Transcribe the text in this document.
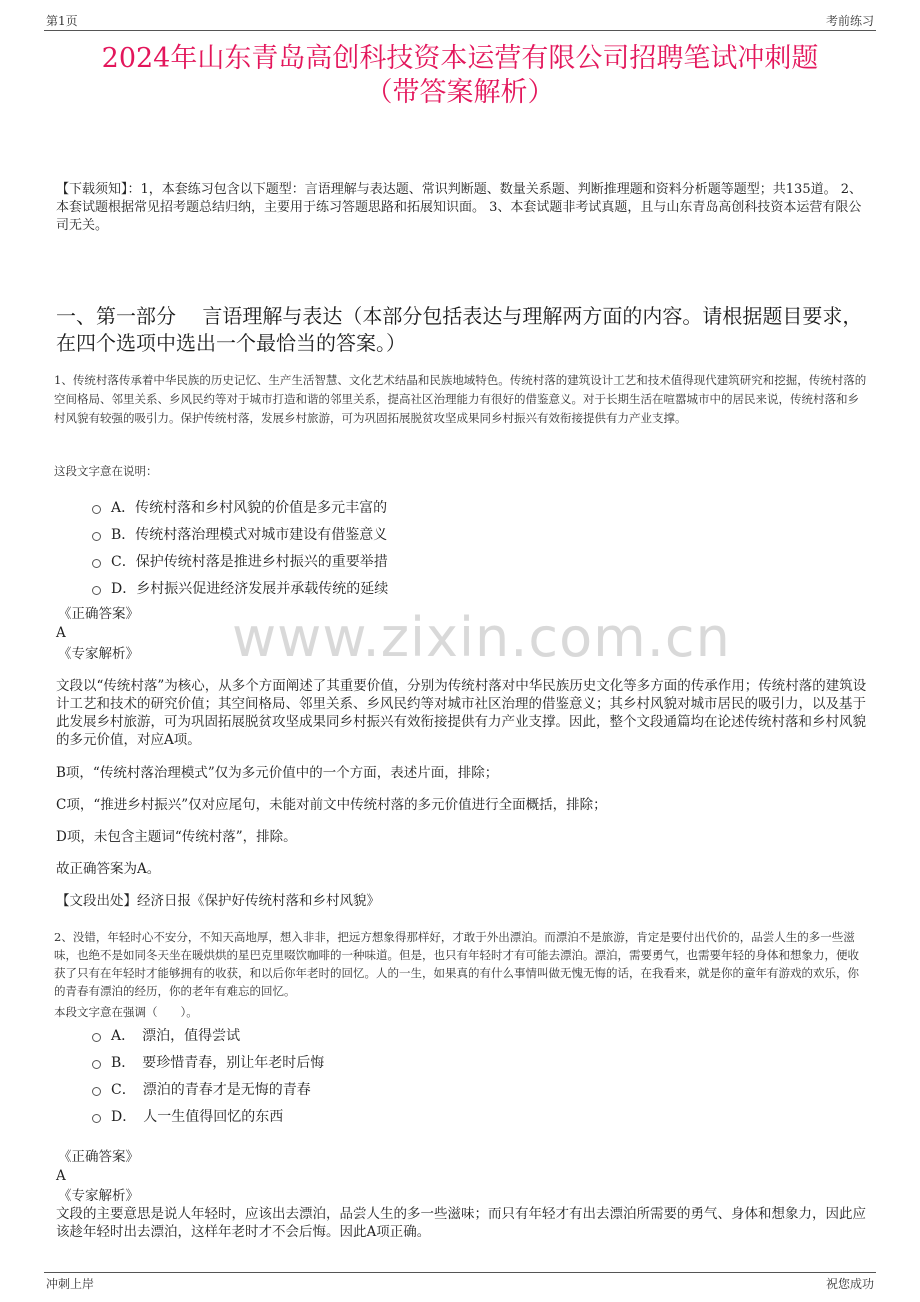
第1页	考前练习
2024年山东青岛高创科技资本运营有限公司招聘笔试冲刺题
（带答案解析）
【下载须知】：1，本套练习包含以下题型：言语理解与表达题、常识判断题、数量关系题、判断推理题和资料分析题等题型；共135道。 2、本套试题根据常见招考题总结归纳，主要用于练习答题思路和拓展知识面。 3、本套试题非考试真题，且与山东青岛高创科技资本运营有限公司无关。
一、第一部分　 言语理解与表达（本部分包括表达与理解两方面的内容。请根据题目要求，在四个选项中选出一个最恰当的答案。）
1、传统村落传承着中华民族的历史记忆、生产生活智慧、文化艺术结晶和民族地域特色。传统村落的建筑设计工艺和技术值得现代建筑研究和挖掘，传统村落的空间格局、邻里关系、乡风民约等对于城市打造和谐的邻里关系，提高社区治理能力有很好的借鉴意义。对于长期生活在喧嚣城市中的居民来说，传统村落和乡村风貌有较强的吸引力。保护传统村落，发展乡村旅游，可为巩固拓展脱贫攻坚成果同乡村振兴有效衔接提供有力产业支撑。
这段文字意在说明：
A．传统村落和乡村风貌的价值是多元丰富的
B．传统村落治理模式对城市建设有借鉴意义
C．保护传统村落是推进乡村振兴的重要举措
D．乡村振兴促进经济发展并承载传统的延续
《正确答案》
A
《专家解析》
文段以“传统村落”为核心，从多个方面阐述了其重要价值，分别为传统村落对中华民族历史文化等多方面的传承作用；传统村落的建筑设计工艺和技术的研究价值；其空间格局、邻里关系、乡风民约等对城市社区治理的借鉴意义；其乡村风貌对城市居民的吸引力，以及基于此发展乡村旅游，可为巩固拓展脱贫攻坚成果同乡村振兴有效衔接提供有力产业支撑。因此，整个文段通篇均在论述传统村落和乡村风貌的多元价值，对应A项。
B项，“传统村落治理模式”仅为多元价值中的一个方面，表述片面，排除；
C项，“推进乡村振兴”仅对应尾句，未能对前文中传统村落的多元价值进行全面概括，排除；
D项，未包含主题词“传统村落”，排除。
故正确答案为A。
【文段出处】经济日报《保护好传统村落和乡村风貌》
2、没错，年轻时心不安分，不知天高地厚，想入非非，把远方想象得那样好，才敢于外出漂泊。而漂泊不是旅游，肯定是要付出代价的，品尝人生的多一些滋味，也绝不是如同冬天坐在暖烘烘的星巴克里啜饮咖啡的一种味道。但是，也只有年轻时才有可能去漂泊。漂泊，需要勇气，也需要年轻的身体和想象力，便收获了只有在年轻时才能够拥有的收获，和以后你年老时的回忆。人的一生，如果真的有什么事情叫做无愧无悔的话，在我看来，就是你的童年有游戏的欢乐，你的青春有漂泊的经历，你的老年有难忘的回忆。
本段文字意在强调（　　）。
A．　漂泊，值得尝试
B．　要珍惜青春，别让年老时后悔
C．　漂泊的青春才是无悔的青春
D．　人一生值得回忆的东西
《正确答案》
A
《专家解析》
文段的主要意思是说人年轻时，应该出去漂泊，品尝人生的多一些滋味；而只有年轻才有出去漂泊所需要的勇气、身体和想象力，因此应该趁年轻时出去漂泊，这样年老时才不会后悔。因此A项正确。
www.zixin.com.cn
冲刺上岸	祝您成功
